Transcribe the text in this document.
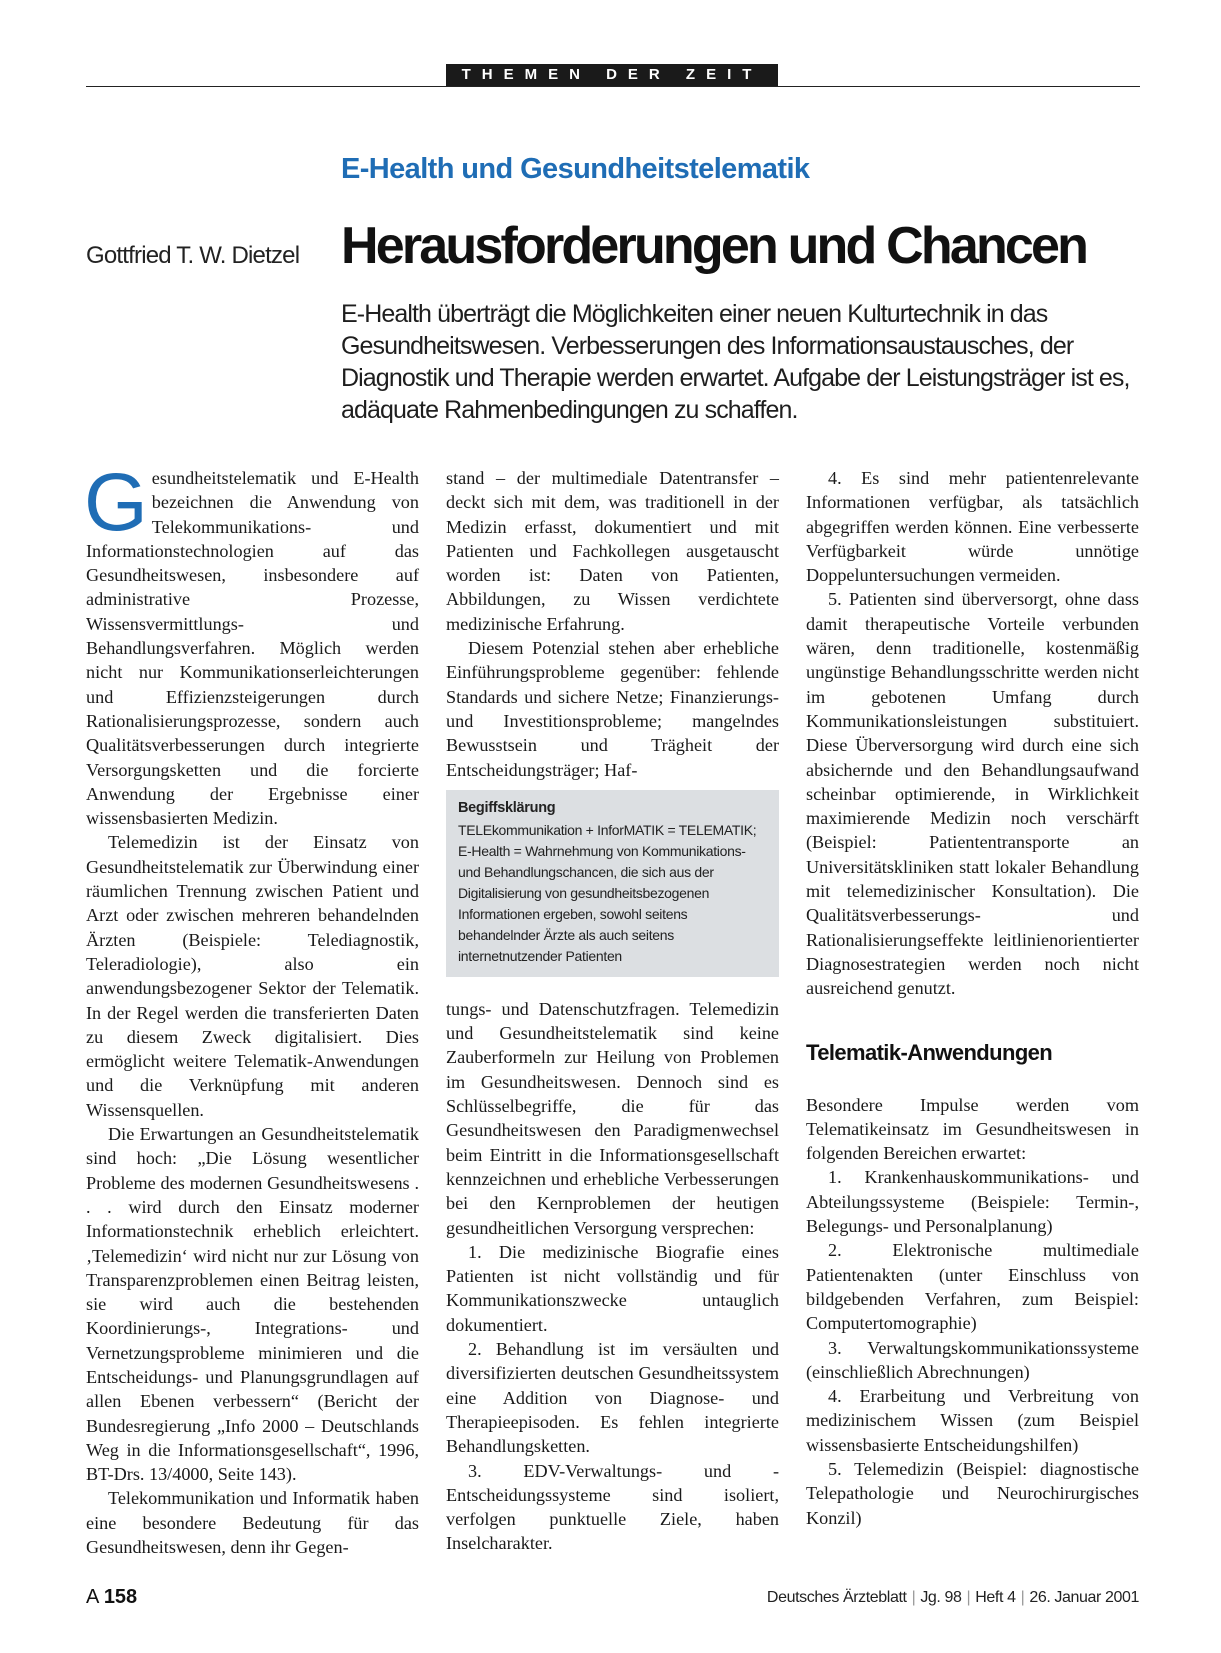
THEMEN DER ZEIT
E-Health und Gesundheitstelematik
Gottfried T. W. Dietzel Herausforderungen und Chancen

E-Health überträgt die Möglichkeiten einer neuen Kulturtechnik in das Gesundheitswesen. Verbesserungen des Informationsaustausches, der Diagnostik und Therapie werden erwartet. Aufgabe der Leistungsträger ist es, adäquate Rahmenbedingungen zu schaffen.

Gesundheitstelematik und E-Health bezeichnen die Anwendung von Telekommunikations- und Informationstechnologien auf das Gesundheitswesen, insbesondere auf administrative Prozesse, Wissensvermittlungs- und Behandlungsverfahren. Möglich werden nicht nur Kommunikationserleichterungen und Effizienzsteigerungen durch Rationalisierungsprozesse, sondern auch Qualitätsverbesserungen durch integrierte Versorgungsketten und die forcierte Anwendung der Ergebnisse einer wissensbasierten Medizin.

Telemedizin ist der Einsatz von Gesundheitstelematik zur Überwindung einer räumlichen Trennung zwischen Patient und Arzt oder zwischen mehreren behandelnden Ärzten (Beispiele: Telediagnostik, Teleradiologie), also ein anwendungsbezogener Sektor der Telematik. In der Regel werden die transferierten Daten zu diesem Zweck digitalisiert. Dies ermöglicht weitere Telematik-Anwendungen und die Verknüpfung mit anderen Wissensquellen.

Die Erwartungen an Gesundheitstelematik sind hoch: „Die Lösung wesentlicher Probleme des modernen Gesundheitswesens . . . wird durch den Einsatz moderner Informationstechnik erheblich erleichtert. ‚Telemedizin‘ wird nicht nur zur Lösung von Transparenzproblemen einen Beitrag leisten, sie wird auch die bestehenden Koordinierungs-, Integrations- und Vernetzungsprobleme minimieren und die Entscheidungs- und Planungsgrundlagen auf allen Ebenen verbessern“ (Bericht der Bundesregierung „Info 2000 – Deutschlands Weg in die Informationsgesellschaft“, 1996, BT-Drs. 13/4000, Seite 143).

Telekommunikation und Informatik haben eine besondere Bedeutung für das Gesundheitswesen, denn ihr Gegen-

stand – der multimediale Datentransfer – deckt sich mit dem, was traditionell in der Medizin erfasst, dokumentiert und mit Patienten und Fachkollegen ausgetauscht worden ist: Daten von Patienten, Abbildungen, zu Wissen verdichtete medizinische Erfahrung.

Diesem Potenzial stehen aber erhebliche Einführungsprobleme gegenüber: fehlende Standards und sichere Netze; Finanzierungs- und Investitionsprobleme; mangelndes Bewusstsein und Trägheit der Entscheidungsträger; Haf-

Begiffsklärung
TELEkommunikation + InforMATIK = TELEMATIK; E-Health = Wahrnehmung von Kommunikations- und Behandlungschancen, die sich aus der Digitalisierung von gesundheitsbezogenen Informationen ergeben, sowohl seitens behandelnder Ärzte als auch seitens internetnutzender Patienten

tungs- und Datenschutzfragen. Telemedizin und Gesundheitstelematik sind keine Zauberformeln zur Heilung von Problemen im Gesundheitswesen. Dennoch sind es Schlüsselbegriffe, die für das Gesundheitswesen den Paradigmenwechsel beim Eintritt in die Informationsgesellschaft kennzeichnen und erhebliche Verbesserungen bei den Kernproblemen der heutigen gesundheitlichen Versorgung versprechen:

1. Die medizinische Biografie eines Patienten ist nicht vollständig und für Kommunikationszwecke untauglich dokumentiert.

2. Behandlung ist im versäulten und diversifizierten deutschen Gesundheitssystem eine Addition von Diagnose- und Therapieepisoden. Es fehlen integrierte Behandlungsketten.

3. EDV-Verwaltungs- und -Entscheidungssysteme sind isoliert, verfolgen punktuelle Ziele, haben Inselcharakter.

4. Es sind mehr patientenrelevante Informationen verfügbar, als tatsächlich abgegriffen werden können. Eine verbesserte Verfügbarkeit würde unnötige Doppeluntersuchungen vermeiden.

5. Patienten sind überversorgt, ohne dass damit therapeutische Vorteile verbunden wären, denn traditionelle, kostenmäßig ungünstige Behandlungsschritte werden nicht im gebotenen Umfang durch Kommunikationsleistungen substituiert. Diese Überversorgung wird durch eine sich absichernde und den Behandlungsaufwand scheinbar optimierende, in Wirklichkeit maximierende Medizin noch verschärft (Beispiel: Patiententransporte an Universitätskliniken statt lokaler Behandlung mit telemedizinischer Konsultation). Die Qualitätsverbesserungs- und Rationalisierungseffekte leitlinienorientierter Diagnosestrategien werden noch nicht ausreichend genutzt.

Telematik-Anwendungen

Besondere Impulse werden vom Telematikeinsatz im Gesundheitswesen in folgenden Bereichen erwartet:

1. Krankenhauskommunikations- und Abteilungssysteme (Beispiele: Termin-, Belegungs- und Personalplanung)

2. Elektronische multimediale Patientenakten (unter Einschluss von bildgebenden Verfahren, zum Beispiel: Computertomographie)

3. Verwaltungskommunikationssysteme (einschließlich Abrechnungen)

4. Erarbeitung und Verbreitung von medizinischem Wissen (zum Beispiel wissensbasierte Entscheidungshilfen)

5. Telemedizin (Beispiel: diagnostische Telepathologie und Neurochirurgisches Konzil)

A 158	Deutsches Ärzteblatt | Jg. 98 | Heft 4 | 26. Januar 2001
